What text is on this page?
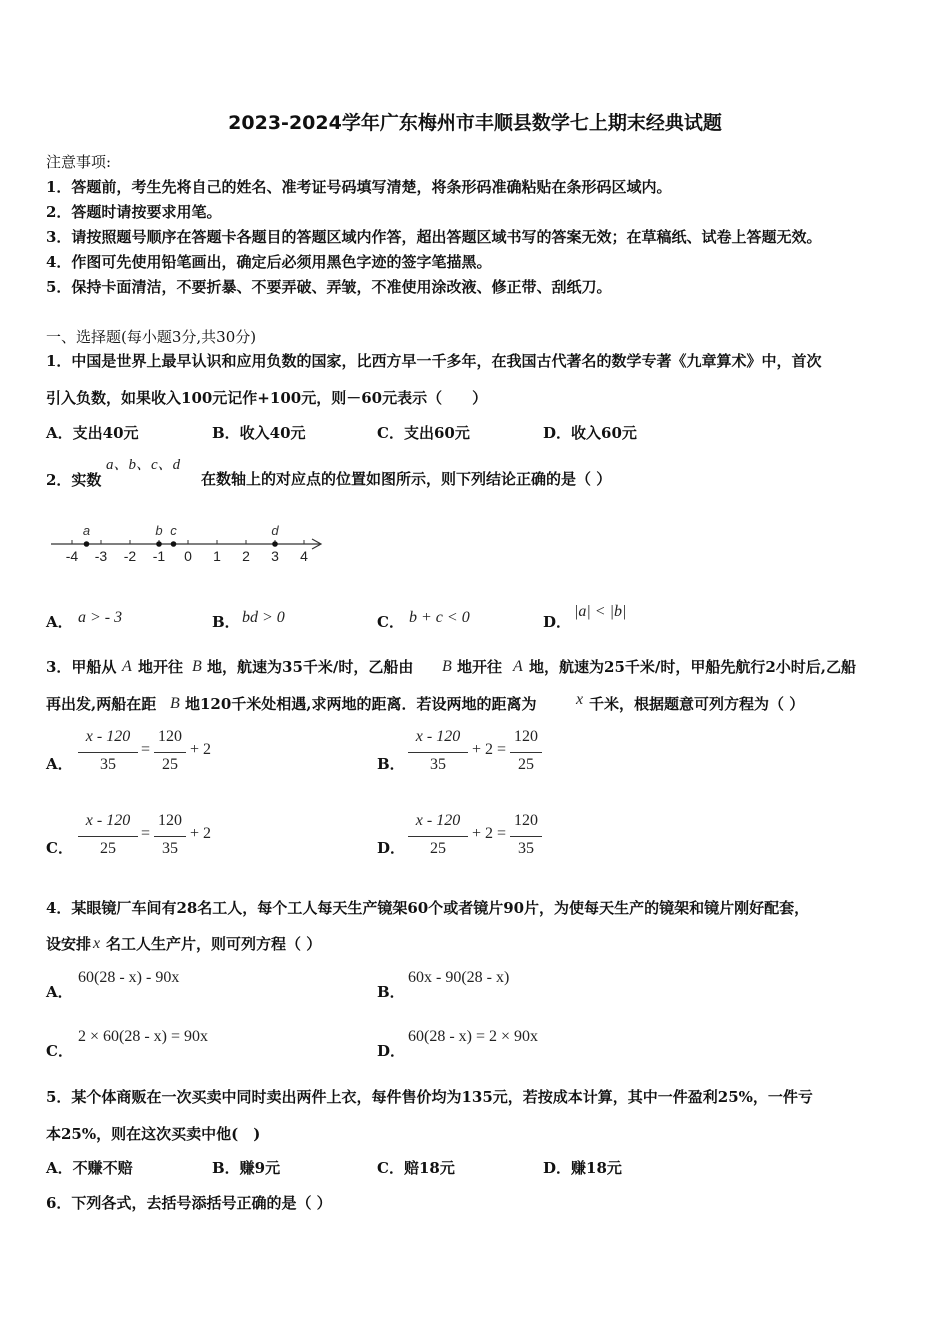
2023-2024学年广东梅州市丰顺县数学七上期末经典试题
注意事项:
1．答题前，考生先将自己的姓名、准考证号码填写清楚，将条形码准确粘贴在条形码区域内。
2．答题时请按要求用笔。
3．请按照题号顺序在答题卡各题目的答题区域内作答，超出答题区域书写的答案无效；在草稿纸、试卷上答题无效。
4．作图可先使用铅笔画出，确定后必须用黑色字迹的签字笔描黑。
5．保持卡面清洁，不要折暴、不要弄破、弄皱，不准使用涂改液、修正带、刮纸刀。
一、选择题(每小题3分,共30分)
1．中国是世界上最早认识和应用负数的国家，比西方早一千多年，在我国古代著名的数学专著《九章算术》中，首次
引入负数，如果收入100元记作+100元，则－60元表示（　　）
A．支出40元	B．收入40元	C．支出60元	D．收入60元
2．实数
a、b、c、d
在数轴上的对应点的位置如图所示，则下列结论正确的是（ ）
-4 -3 -2 -1 0 1 2 3 4
a	b c	d
A． a > - 3	B． bd > 0	C． b + c < 0	D．
|a| < |b|
3．甲船从 A 地开往 B 地，航速为35千米/时，乙船由 B 地开往 A 地，航速为25千米/时，甲船先航行2小时后,乙船
再出发,两船在距 B 地120千米处相遇,求两地的距离．若设两地的距离为 x 千米，根据题意可列方程为（ ）
A．
x - 120
35
=
120
25
+ 2
B．
x - 120
35
+ 2 =
120
25
C．
x - 120
25
=
120
35
+ 2
D．
x - 120
25
+ 2 =
120
35
4．某眼镜厂车间有28名工人，每个工人每天生产镜架60个或者镜片90片，为使每天生产的镜架和镜片刚好配套，
设安排 x 名工人生产片，则可列方程（ ）
A．
60(28 - x) - 90x
B．
60x - 90(28 - x)
C．
2 × 60(28 - x) = 90x
D．
60(28 - x) = 2 × 90x
5．某个体商贩在一次买卖中同时卖出两件上衣，每件售价均为135元，若按成本计算，其中一件盈利25%，一件亏
本25%，则在这次买卖中他(　)
A．不赚不赔	B．赚9元	C．赔18元	D．赚18元
6．下列各式，去括号添括号正确的是（ ）
